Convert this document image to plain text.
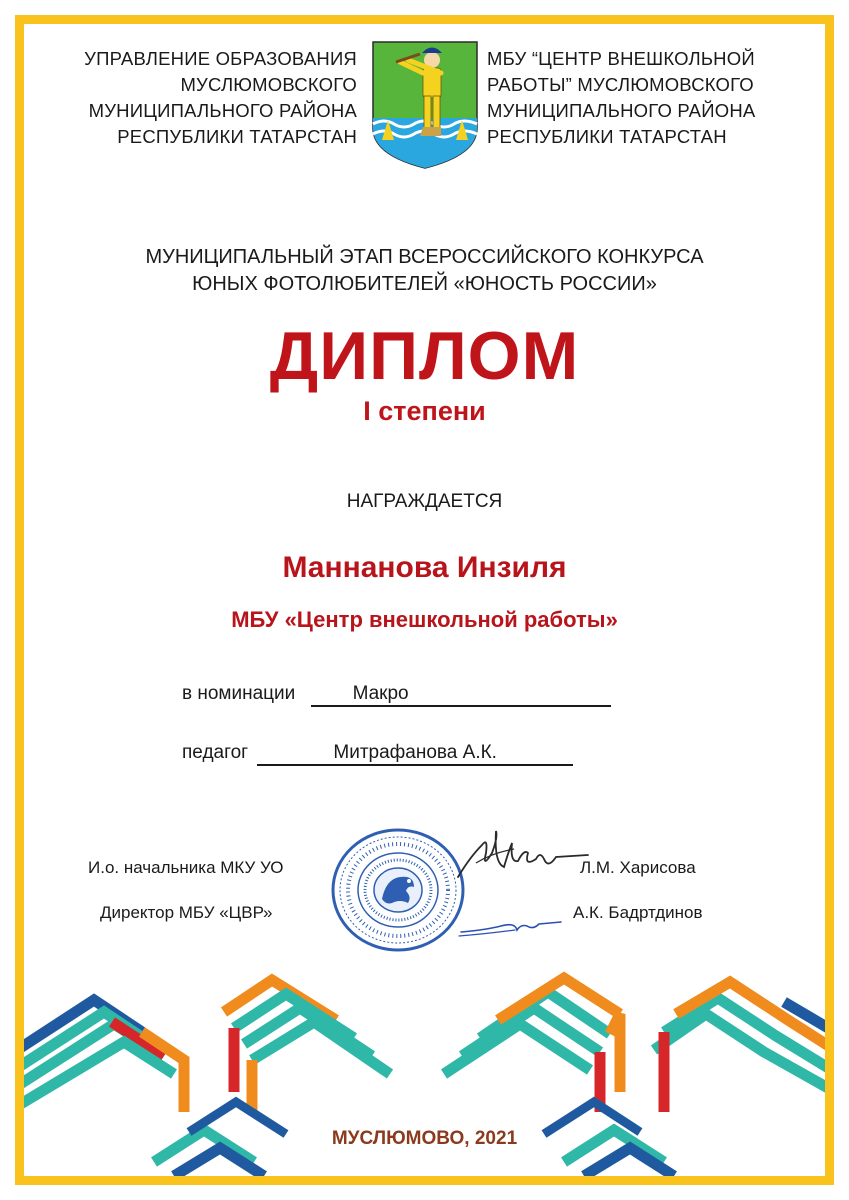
УПРАВЛЕНИЕ ОБРАЗОВАНИЯ
МУСЛЮМОВСКОГО
МУНИЦИПАЛЬНОГО РАЙОНА
РЕСПУБЛИКИ ТАТАРСТАН
МБУ “ЦЕНТР ВНЕШКОЛЬНОЙ
РАБОТЫ” МУСЛЮМОВСКОГО
МУНИЦИПАЛЬНОГО РАЙОНА
РЕСПУБЛИКИ ТАТАРСТАН
МУНИЦИПАЛЬНЫЙ ЭТАП ВСЕРОССИЙСКОГО КОНКУРСА
ЮНЫХ ФОТОЛЮБИТЕЛЕЙ «ЮНОСТЬ РОССИИ»
ДИПЛОМ
I степени
НАГРАЖДАЕТСЯ
Маннанова Инзиля
МБУ «Центр внешкольной работы»
в номинации	Макро
педагог	Митрафанова А.К.
И.о. начальника МКУ УО
Директор МБУ «ЦВР»
Л.М. Харисова
А.К. Бадртдинов
МУСЛЮМОВО, 2021
